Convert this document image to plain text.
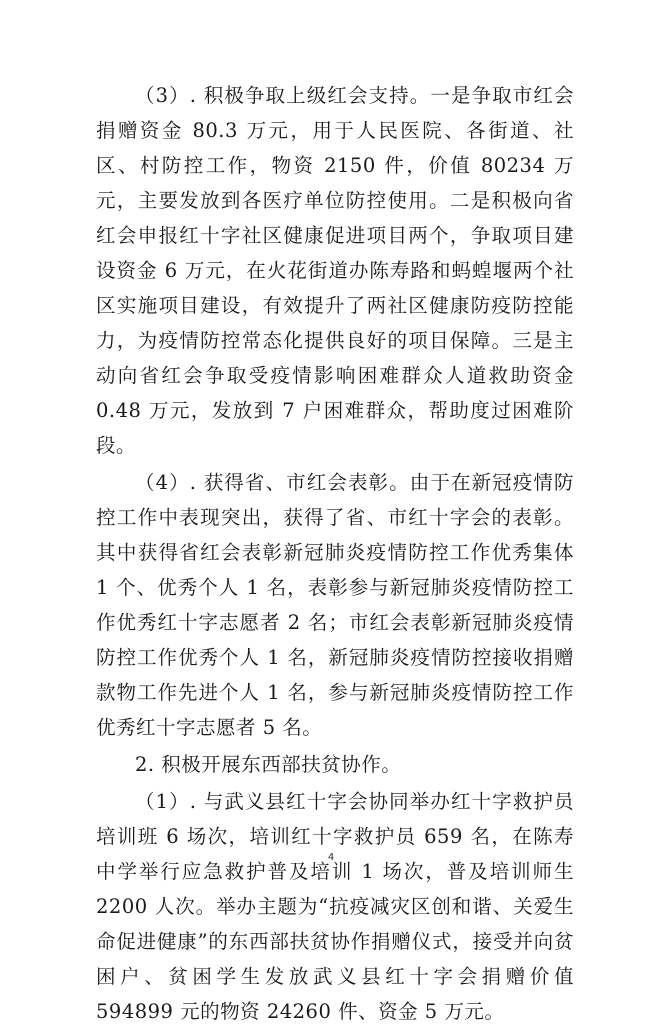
（3）. 积极争取上级红会支持。一是争取市红会捐赠资金 80.3 万元，用于人民医院、各街道、社区、村防控工作，物资 2150 件，价值 80234 万元，主要发放到各医疗单位防控使用。二是积极向省红会申报红十字社区健康促进项目两个，争取项目建设资金 6 万元，在火花街道办陈寿路和蚂蝗堰两个社区实施项目建设，有效提升了两社区健康防疫防控能力，为疫情防控常态化提供良好的项目保障。三是主动向省红会争取受疫情影响困难群众人道救助资金 0.48 万元，发放到 7 户困难群众，帮助度过困难阶段。

（4）. 获得省、市红会表彰。由于在新冠疫情防控工作中表现突出，获得了省、市红十字会的表彰。其中获得省红会表彰新冠肺炎疫情防控工作优秀集体 1 个、优秀个人 1 名，表彰参与新冠肺炎疫情防控工作优秀红十字志愿者 2 名；市红会表彰新冠肺炎疫情防控工作优秀个人 1 名，新冠肺炎疫情防控接收捐赠款物工作先进个人 1 名，参与新冠肺炎疫情防控工作优秀红十字志愿者 5 名。

2. 积极开展东西部扶贫协作。

（1）. 与武义县红十字会协同举办红十字救护员培训班 6 场次，培训红十字救护员 659 名，在陈寿中学举行应急救护普及培训 1 场次，普及培训师生 2200 人次。举办主题为“抗疫减灾区创和谐、关爱生命促进健康”的东西部扶贫协作捐赠仪式，接受并向贫困户、贫困学生发放武义县红十字会捐赠价值 594899 元的物资 24260 件、资金 5 万元。

4
